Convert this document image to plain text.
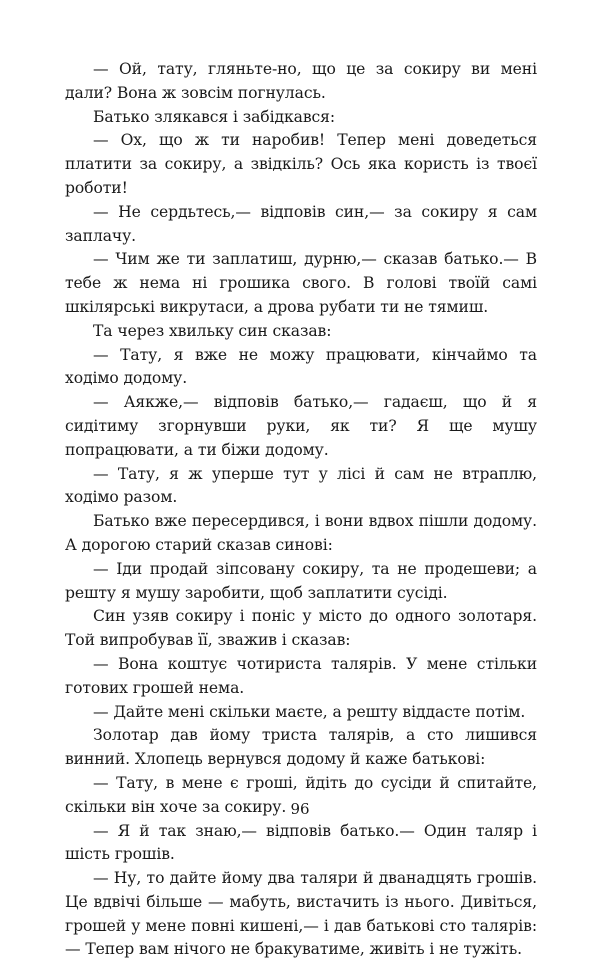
— Ой, тату, гляньте-но, що це за сокиру ви мені дали? Вона ж зовсім погнулась.

Батько злякався і забідкався:

— Ох, що ж ти наробив! Тепер мені доведеться платити за сокиру, а звідкіль? Ось яка користь із твоєї роботи!

— Не сердьтесь,— відповів син,— за сокиру я сам заплачу.

— Чим же ти заплатиш, дурню,— сказав батько.— В тебе ж нема ні грошика свого. В голові твоїй самі шкілярські викрутаси, а дрова рубати ти не тямиш.

Та через хвильку син сказав:

— Тату, я вже не можу працювати, кінчаймо та ходімо додому.

— Аякже,— відповів батько,— гадаєш, що й я сидітиму згорнувши руки, як ти? Я ще мушу попрацювати, а ти біжи додому.

— Тату, я ж уперше тут у лісі й сам не втраплю, ходімо разом.

Батько вже пересердився, і вони вдвох пішли додому. А дорогою старий сказав синові:

— Іди продай зіпсовану сокиру, та не продешеви; а решту я мушу заробити, щоб заплатити сусіді.

Син узяв сокиру і поніс у місто до одного золотаря. Той випробував її, зважив і сказав:

— Вона коштує чотириста талярів. У мене стільки готових грошей нема.

— Дайте мені скільки маєте, а решту віддасте потім.

Золотар дав йому триста талярів, а сто лишився винний. Хлопець вернувся додому й каже батькові:

— Тату, в мене є гроші, йдіть до сусіди й спитайте, скільки він хоче за сокиру.

— Я й так знаю,— відповів батько.— Один таляр і шість грошів.

— Ну, то дайте йому два таляри й дванадцять грошів. Це вдвічі більше — мабуть, вистачить із нього. Дивіться, грошей у мене повні кишені,— і дав батькові сто талярів: — Тепер вам нічого не бракуватиме, живіть і не тужіть.

96
